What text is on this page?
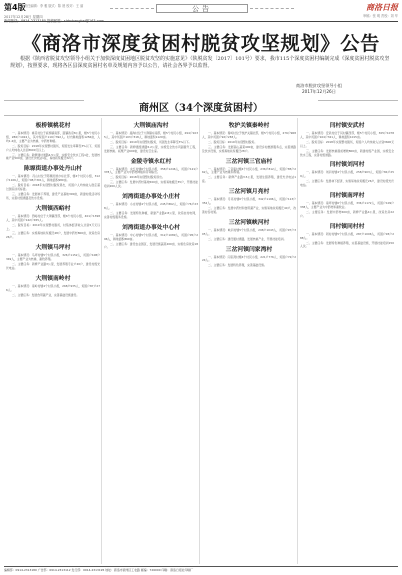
第4版
2017年12月28日 星期四
责任编辑：李 雅 版式：陈 晨 校对：王 丽	公告	商洛日报
审稿：张 明 责校：刘 华
新闻热线：0914-2313180 投稿邮箱：slrbshanghai@163.com
《商洛市深度贫困村脱贫攻坚规划》公告

根据《陕西省脱贫攻坚领导小组关于加快深度贫困地区脱贫攻坚的实施意见》（陕脱贫发〔2017〕101号）要求，我市115个深度贫困村编制完成《深度贫困村脱贫攻坚规划》，按照要求，现将各区县深度贫困村名单及规划内容予以公告，请社会各界予以监督。

商洛市脱贫攻坚领导小组
2017年12月26日
商州区（34个深度贫困村）
板桥镇桃花村
一、基本情况：桃花村位于板桥镇南部，距镇政府8公里，辖5个村民小组，286户1024人，其中贫困户119户392人。村内耕地面积1256亩，人均1.2亩，主要产业为核桃、中药材种植。
二、脱贫目标：2018年实现整村脱贫，贫困发生率降至3%以下，贫困户人均纯收入达到3600元以上。
三、主要任务：新修通村道路4.5公里，实施安全饮水工程1处，发展核桃产业500亩，建设光伏电站1座，易地扶贫搬迁32户。
陈塬街道办事处丹山村
一、基本情况：丹山村位于陈塬街道办东北部，辖4个村民小组，312户1106人，贫困户98户301人，耕地面积980亩。
二、脱贫目标：2018年实现整村脱贫退出，贫困户人均纯收入稳定超过国家扶贫标准。
三、主要任务：发展林下养殖，建设产业基地300亩，新建村级活动场所，完善村组道路及饮水设施。
大荆镇西峪村
一、基本情况：西峪村位于大荆镇西部，辖6个村民小组，401户1398人，其中贫困户142户455人。
二、脱贫目标：2019年实现整村脱贫，村集体经济收入达到5万元以上。
三、主要任务：实施易地扶贫搬迁48户，发展中药材800亩，改造危房26户。
大荆镇马坪村
一、基本情况：马坪村辖5个村民小组，326户1152人，贫困户108户349人，主要产业为核桃、畜牧养殖。
二、主要任务：新修产业路3公里，发展养殖专业户20户，建设村级光伏电站。
大荆镇南岭村
一、基本情况：南岭村辖4个村民小组，268户935人，贫困户87户276人。
二、主要任务：发展食用菌产业，完善基础设施建设。
大荆镇庙沟村
一、基本情况：庙沟村位于大荆镇东南部，辖5个村民小组，294户1035人，其中贫困户103户318人，耕地面积1120亩。
二、脱贫目标：2019年实现整村脱贫，贫困发生率降至3%以下。
三、主要任务：新修通组道路5.2公里，实施安全饮水巩固提升工程，发展核桃、板栗产业600亩，建设村卫生室。
金陵寺镇永红村
一、基本情况：永红村辖6个村民小组，358户1246人，贫困户121户378人，主要产业为中药材种植和劳务输出。
二、脱贫目标：2018年实现整村脱贫退出。
三、主要任务：发展中药材基地500亩，实施易地搬迁35户，开展技能培训200人次。
刘湾街道办事处小庄村
一、基本情况：小庄村辖4个村民小组，245户862人，贫困户76户238人。
二、主要任务：发展特色种植，新建产业路2.8公里，改造农村电网，完善村级服务设施。
刘湾街道办事处中心村
一、基本情况：中心村辖5个村民小组，312户1089人，贫困户95户296人，耕地面积860亩。
二、主要任务：建设农业园区，发展设施蔬菜200亩，实施危房改造18户。
牧护关镇秦岭村
一、基本情况：秦岭村位于牧护关镇北部，辖5个村民小组，276户968人，其中贫困户92户283人。
二、脱贫目标：2019年实现整村脱贫。
三、主要任务：发展高山蔬菜400亩，建设乡村旅游服务点，完善道路及饮水设施，实施易地扶贫搬迁28户。
三岔河镇三官庙村
一、基本情况：三官庙村辖4个村民小组，236户812人，贫困户85户262人，主要产业为核桃和养殖。
二、主要任务：新修产业路3.5公里，发展生猪养殖，建设光伏电站1座。
三岔河镇月亮村
一、基本情况：月亮村辖6个村民小组，342户1196人，贫困户113户352人。
二、主要任务：发展中药材和食用菌产业，实施易地扶贫搬迁40户，改善村容村貌。
三岔河镇峡河村
一、基本情况：峡河村辖5个村民小组，298户1043人，贫困户97户305人。
二、主要任务：建设通村道路，发展核桃产业，开展技能培训。
三岔河镇闫家湾村
一、基本情况：闫家湾村辖4个村民小组，221户776人，贫困户72户224人。
二、主要任务：发展特色养殖，完善基础设施。
闫村镇安武村
一、基本情况：安武村位于闫村镇西部，辖5个村民小组，305户1078人，其中贫困户104户321人，耕地面积1015亩。
二、脱贫目标：2018年实现整村脱贫，贫困户人均纯收入达到3600元以上。
三、主要任务：发展核桃提质增效800亩，新建村级产业园，实施安全饮水工程，完善村组道路。
闫村镇刘河村
一、基本情况：刘河村辖4个村民小组，258户903人，贫困户84户259人。
二、主要任务：发展林下经济，实施易地扶贫搬迁26户，建设村级光伏电站。
闫村镇南坪村
一、基本情况：南坪村辖6个村民小组，336户1172人，贫困户109户338人，主要产业为中药材和畜牧业。
二、主要任务：发展中药材600亩，新修产业路4公里，改造危房22户。
闫村镇同村村
一、基本情况：同村村辖5个村民小组，287户1006人，贫困户93户288人。
二、主要任务：发展特色种植养殖，完善基础设施，开展技能培训150人次。
编辑部：0914-2313180 广告部：0914-2313112 发行部：0914-2313195 地址：商洛市商州区工农路 邮编：726000 印刷：商洛日报社印刷厂
